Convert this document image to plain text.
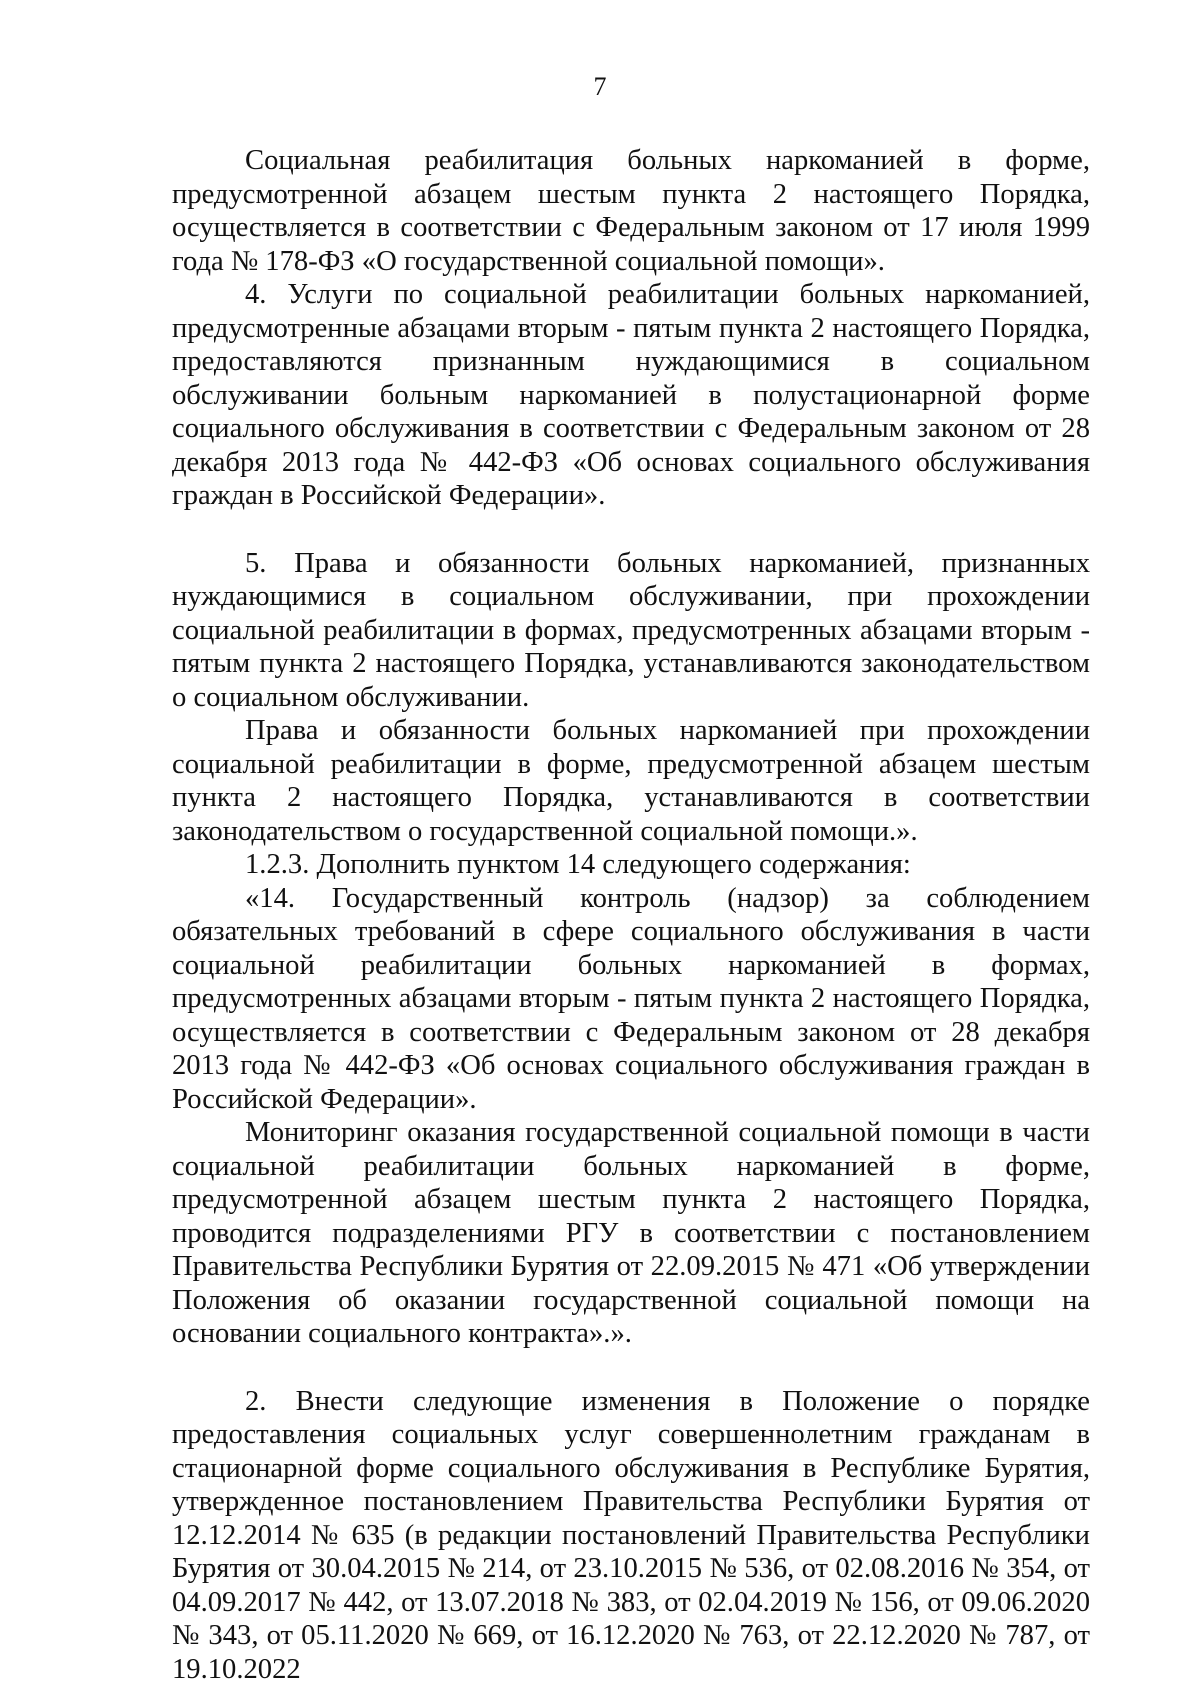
7

Социальная реабилитация больных наркоманией в форме, предусмотренной абзацем шестым пункта 2 настоящего Порядка, осуществляется в соответствии с Федеральным законом от 17 июля 1999 года № 178-ФЗ «О государственной социальной помощи».

4. Услуги по социальной реабилитации больных наркоманией, предусмотренные абзацами вторым - пятым пункта 2 настоящего Порядка, предоставляются признанным нуждающимися в социальном обслуживании больным наркоманией в полустационарной форме социального обслуживания в соответствии с Федеральным законом от 28 декабря 2013 года № 442-ФЗ «Об основах социального обслуживания граждан в Российской Федерации».

5. Права и обязанности больных наркоманией, признанных нуждающимися в социальном обслуживании, при прохождении социальной реабилитации в формах, предусмотренных абзацами вторым - пятым пункта 2 настоящего Порядка, устанавливаются законодательством о социальном обслуживании.

Права и обязанности больных наркоманией при прохождении социальной реабилитации в форме, предусмотренной абзацем шестым пункта 2 настоящего Порядка, устанавливаются в соответствии законодательством о государственной социальной помощи.».

1.2.3. Дополнить пунктом 14 следующего содержания:

«14. Государственный контроль (надзор) за соблюдением обязательных требований в сфере социального обслуживания в части социальной реабилитации больных наркоманией в формах, предусмотренных абзацами вторым - пятым пункта 2 настоящего Порядка, осуществляется в соответствии с Федеральным законом от 28 декабря 2013 года № 442-ФЗ «Об основах социального обслуживания граждан в Российской Федерации».

Мониторинг оказания государственной социальной помощи в части социальной реабилитации больных наркоманией в форме, предусмотренной абзацем шестым пункта 2 настоящего Порядка, проводится подразделениями РГУ в соответствии с постановлением Правительства Республики Бурятия от 22.09.2015 № 471 «Об утверждении Положения об оказании государственной социальной помощи на основании социального контракта».».

2. Внести следующие изменения в Положение о порядке предоставления социальных услуг совершеннолетним гражданам в стационарной форме социального обслуживания в Республике Бурятия, утвержденное постановлением Правительства Республики Бурятия от 12.12.2014 № 635 (в редакции постановлений Правительства Республики Бурятия от 30.04.2015 № 214, от 23.10.2015 № 536, от 02.08.2016 № 354, от 04.09.2017 № 442, от 13.07.2018 № 383, от 02.04.2019 № 156, от 09.06.2020 № 343, от 05.11.2020 № 669, от 16.12.2020 № 763, от 22.12.2020 № 787, от 19.10.2022
